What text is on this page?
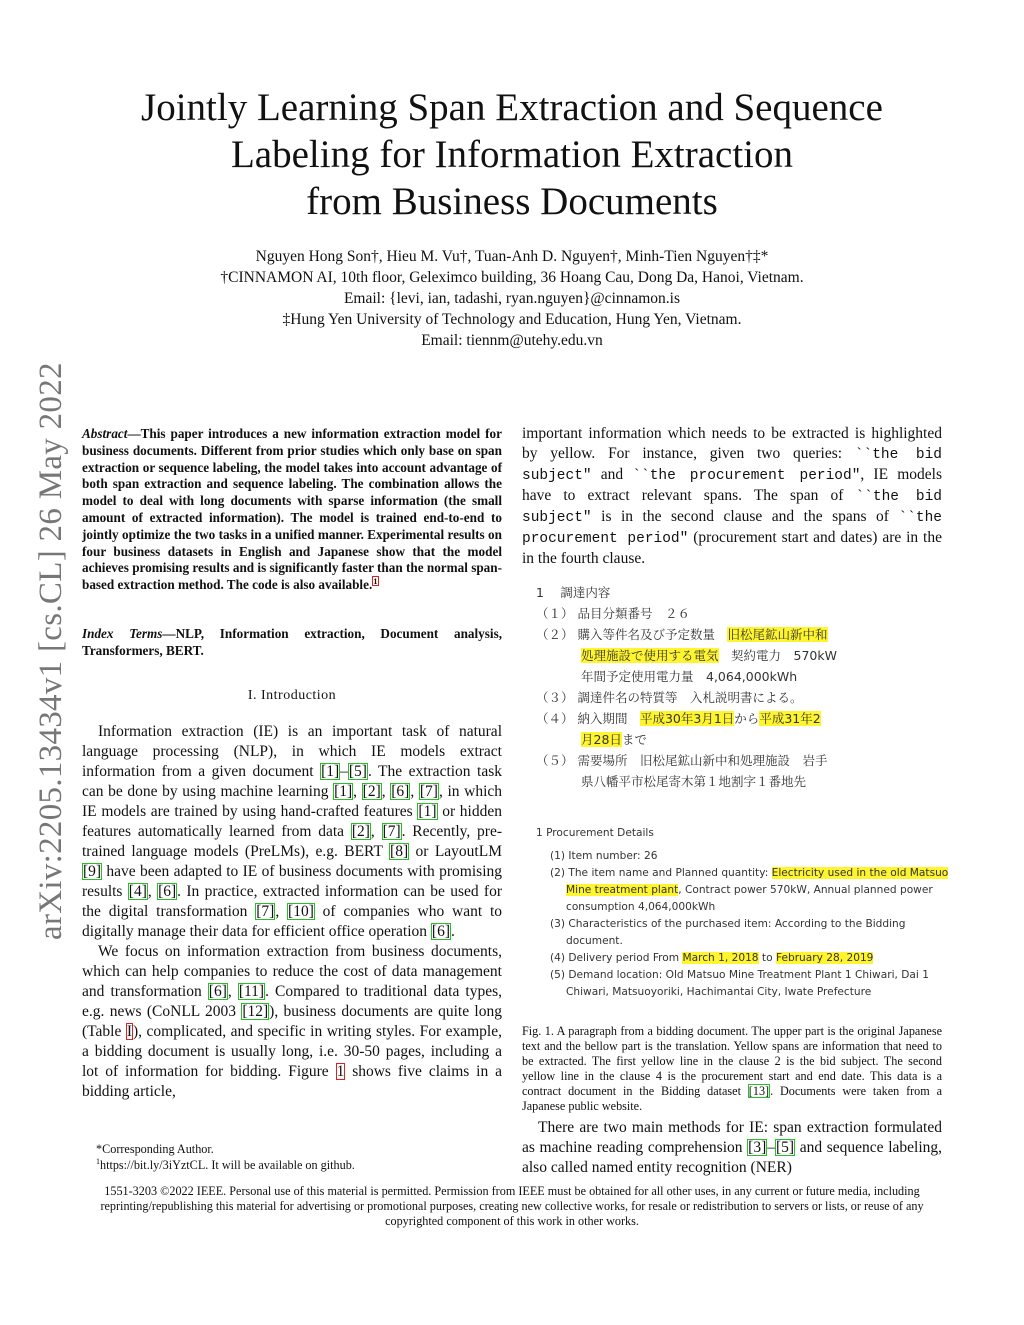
Jointly Learning Span Extraction and Sequence
Labeling for Information Extraction
from Business Documents
Nguyen Hong Son†, Hieu M. Vu†, Tuan-Anh D. Nguyen†, Minh-Tien Nguyen†‡*
†CINNAMON AI, 10th floor, Geleximco building, 36 Hoang Cau, Dong Da, Hanoi, Vietnam.
Email: {levi, ian, tadashi, ryan.nguyen}@cinnamon.is
‡Hung Yen University of Technology and Education, Hung Yen, Vietnam.
Email: tiennm@utehy.edu.vn
arXiv:2205.13434v1 [cs.CL] 26 May 2022 Abstract—This paper introduces a new information extraction model for business documents. Different from prior studies which only base on span extraction or sequence labeling, the model takes into account advantage of both span extraction and sequence labeling. The combination allows the model to deal with long documents with sparse information (the small amount of extracted information). The model is trained end-to-end to jointly optimize the two tasks in a unified manner. Experimental results on four business datasets in English and Japanese show that the model achieves promising results and is significantly faster than the normal span-based extraction method. The code is also available.$^1$
Index Terms—NLP, Information extraction, Document analysis, Transformers, BERT.
I. Introduction

Information extraction (IE) is an important task of natural language processing (NLP), in which IE models extract information from a given document [1]–[5]. The extraction task can be done by using machine learning [1], [2], [6], [7], in which IE models are trained by using hand-crafted features [1] or hidden features automatically learned from data [2], [7]. Recently, pre-trained language models (PreLMs), e.g. BERT [8] or LayoutLM [9] have been adapted to IE of business documents with promising results [4], [6]. In practice, extracted information can be used for the digital transformation [7], [10] of companies who want to digitally manage their data for efficient office operation [6].

We focus on information extraction from business documents, which can help companies to reduce the cost of data management and transformation [6], [11]. Compared to traditional data types, e.g. news (CoNLL 2003 [12]), business documents are quite long (Table I), complicated, and specific in writing styles. For example, a bidding document is usually long, i.e. 30-50 pages, including a lot of information for bidding. Figure 1 shows five claims in a bidding article,

*Corresponding Author.
$^1$https://bit.ly/3iYztCL. It will be available on github.

important information which needs to be extracted is highlighted by yellow. For instance, given two queries: ``the bid subject" and ``the procurement period", IE models have to extract relevant spans. The span of ``the bid subject" is in the second clause and the spans of ``the procurement period" (procurement start and dates) are in the in the fourth clause.

1　 調達内容
（１） 品目分類番号　２６
（２） 購入等件名及び予定数量　旧松尾鉱山新中和
処理施設で使用する電気　契約電力　570kW
年間予定使用電力量　4,064,000kWh
（３） 調達件名の特質等　入札説明書による。
（４） 納入期間　平成30年3月1日から平成31年2
月28日まで
（５） 需要場所　旧松尾鉱山新中和処理施設　岩手
県八幡平市松尾寄木第１地割字１番地先
1 Procurement Details
(1) Item number: 26
(2) The item name and Planned quantity: Electricity used in the old Matsuo
Mine treatment plant, Contract power 570kW, Annual planned power
consumption 4,064,000kWh
(3) Characteristics of the purchased item: According to the Bidding
document.
(4) Delivery period From March 1, 2018 to February 28, 2019
(5) Demand location: Old Matsuo Mine Treatment Plant 1 Chiwari, Dai 1
Chiwari, Matsuoyoriki, Hachimantai City, Iwate Prefecture
Fig. 1. A paragraph from a bidding document. The upper part is the original Japanese text and the bellow part is the translation. Yellow spans are information that need to be extracted. The first yellow line in the clause 2 is the bid subject. The second yellow line in the clause 4 is the procurement start and end date. This data is a contract document in the Bidding dataset [13]. Documents were taken from a Japanese public website.

There are two main methods for IE: span extraction formulated as machine reading comprehension [3]–[5] and sequence labeling, also called named entity recognition (NER)

1551-3203 ©2022 IEEE. Personal use of this material is permitted. Permission from IEEE must be obtained for all other uses, in any current or future media, including reprinting/republishing this material for advertising or promotional purposes, creating new collective works, for resale or redistribution to servers or lists, or reuse of any copyrighted component of this work in other works.
